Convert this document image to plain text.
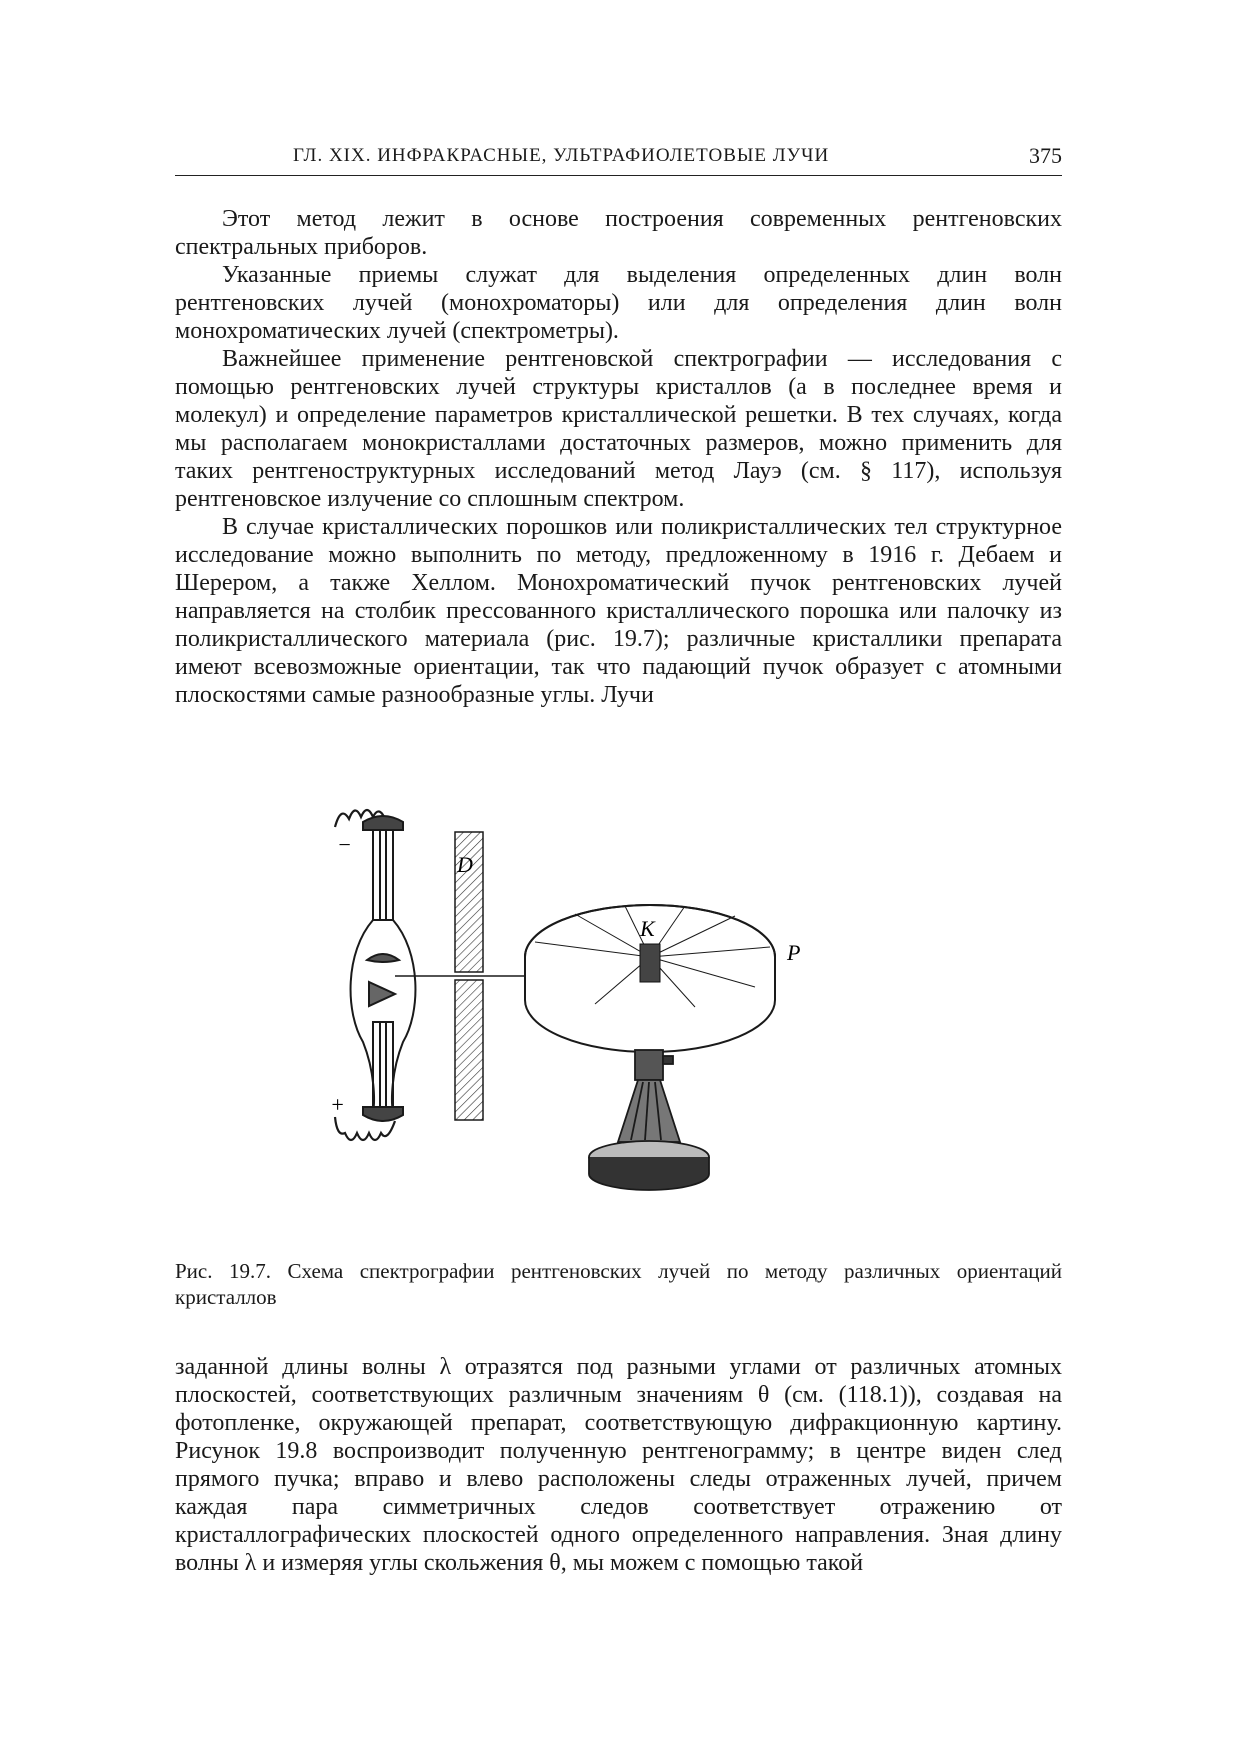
ГЛ. XIX. ИНФРАКРАСНЫЕ, УЛЬТРАФИОЛЕТОВЫЕ ЛУЧИ	375

Этот метод лежит в основе построения современных рентгеновских спектральных приборов.

Указанные приемы служат для выделения определенных длин волн рентгеновских лучей (монохроматоры) или для определения длин волн монохроматических лучей (спектрометры).

Важнейшее применение рентгеновской спектрографии — исследования с помощью рентгеновских лучей структуры кристаллов (а в последнее время и молекул) и определение параметров кристаллической решетки. В тех случаях, когда мы располагаем монокристаллами достаточных размеров, можно применить для таких рентгеноструктурных исследований метод Лауэ (см. § 117), используя рентгеновское излучение со сплошным спектром.

В случае кристаллических порошков или поликристаллических тел структурное исследование можно выполнить по методу, предложенному в 1916 г. Дебаем и Шерером, а также Хеллом. Монохроматический пучок рентгеновских лучей направляется на столбик прессованного кристаллического порошка или палочку из поликристаллического материала (рис. 19.7); различные кристаллики препарата имеют всевозможные ориентации, так что падающий пучок образует с атомными плоскостями самые разнообразные углы. Лучи

−
+
D
K
P
Рис. 19.7. Схема спектрографии рентгеновских лучей по методу различных ориентаций кристаллов

заданной длины волны λ отразятся под разными углами от различных атомных плоскостей, соответствующих различным значениям θ (см. (118.1)), создавая на фотопленке, окружающей препарат, соответствующую дифракционную картину. Рисунок 19.8 воспроизводит полученную рентгенограмму; в центре виден след прямого пучка; вправо и влево расположены следы отраженных лучей, причем каждая пара симметричных следов соответствует отражению от кристаллографических плоскостей одного определенного направления. Зная длину волны λ и измеряя углы скольжения θ, мы можем с помощью такой
